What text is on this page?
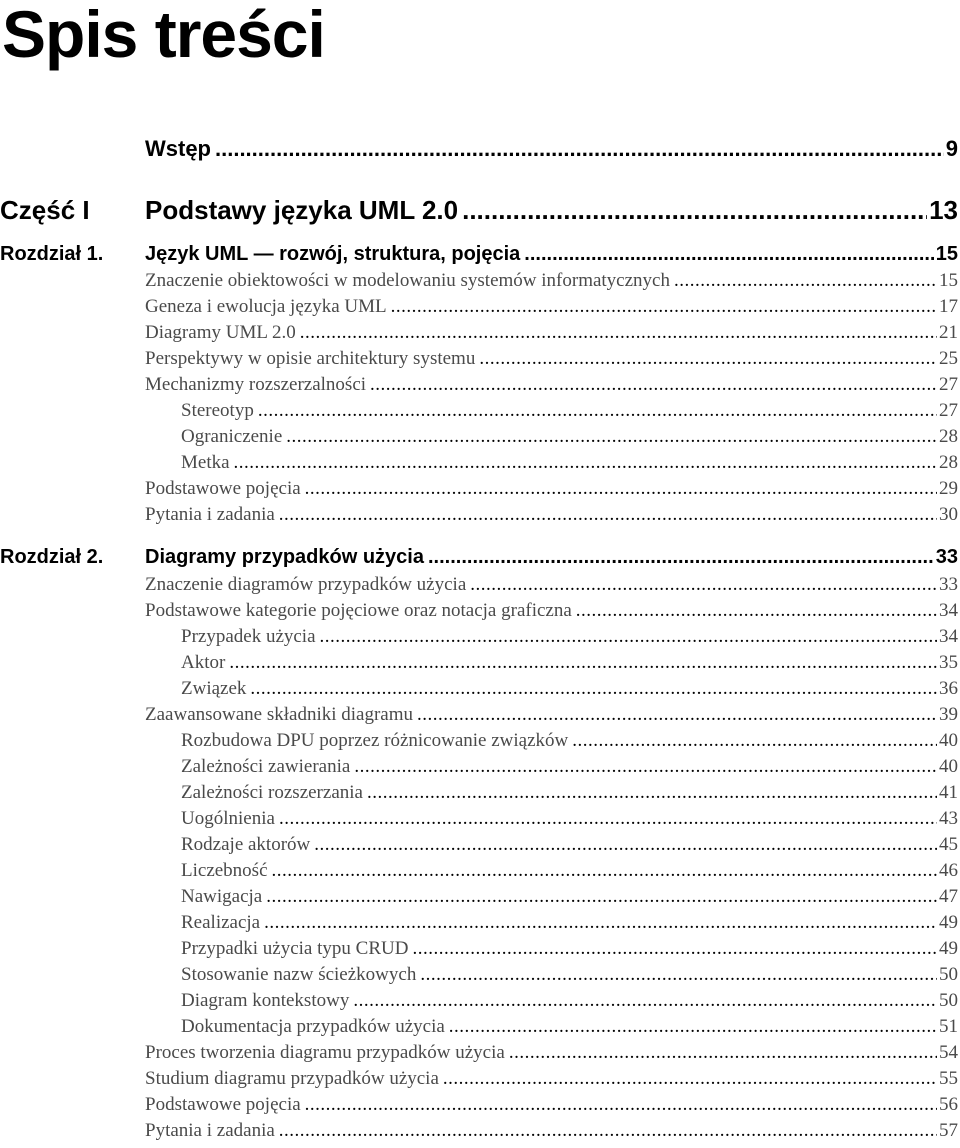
Spis treści
Wstęp .....	9
Część I	Podstawy języka UML 2.0 .....	13
Rozdział 1.	Język UML — rozwój, struktura, pojęcia .....	15
Znaczenie obiektowości w modelowaniu systemów informatycznych .....	15
Geneza i ewolucja języka UML .....	17
Diagramy UML 2.0 .....	21
Perspektywy w opisie architektury systemu .....	25
Mechanizmy rozszerzalności .....	27
Stereotyp .....	27
Ograniczenie .....	28
Metka .....	28
Podstawowe pojęcia .....	29
Pytania i zadania .....	30
Rozdział 2.	Diagramy przypadków użycia .....	33
Znaczenie diagramów przypadków użycia .....	33
Podstawowe kategorie pojęciowe oraz notacja graficzna .....	34
Przypadek użycia .....	34
Aktor .....	35
Związek .....	36
Zaawansowane składniki diagramu .....	39
Rozbudowa DPU poprzez różnicowanie związków .....	40
Zależności zawierania .....	40
Zależności rozszerzania .....	41
Uogólnienia .....	43
Rodzaje aktorów .....	45
Liczebność .....	46
Nawigacja .....	47
Realizacja .....	49
Przypadki użycia typu CRUD .....	49
Stosowanie nazw ścieżkowych .....	50
Diagram kontekstowy .....	50
Dokumentacja przypadków użycia .....	51
Proces tworzenia diagramu przypadków użycia .....	54
Studium diagramu przypadków użycia .....	55
Podstawowe pojęcia .....	56
Pytania i zadania .....	57
